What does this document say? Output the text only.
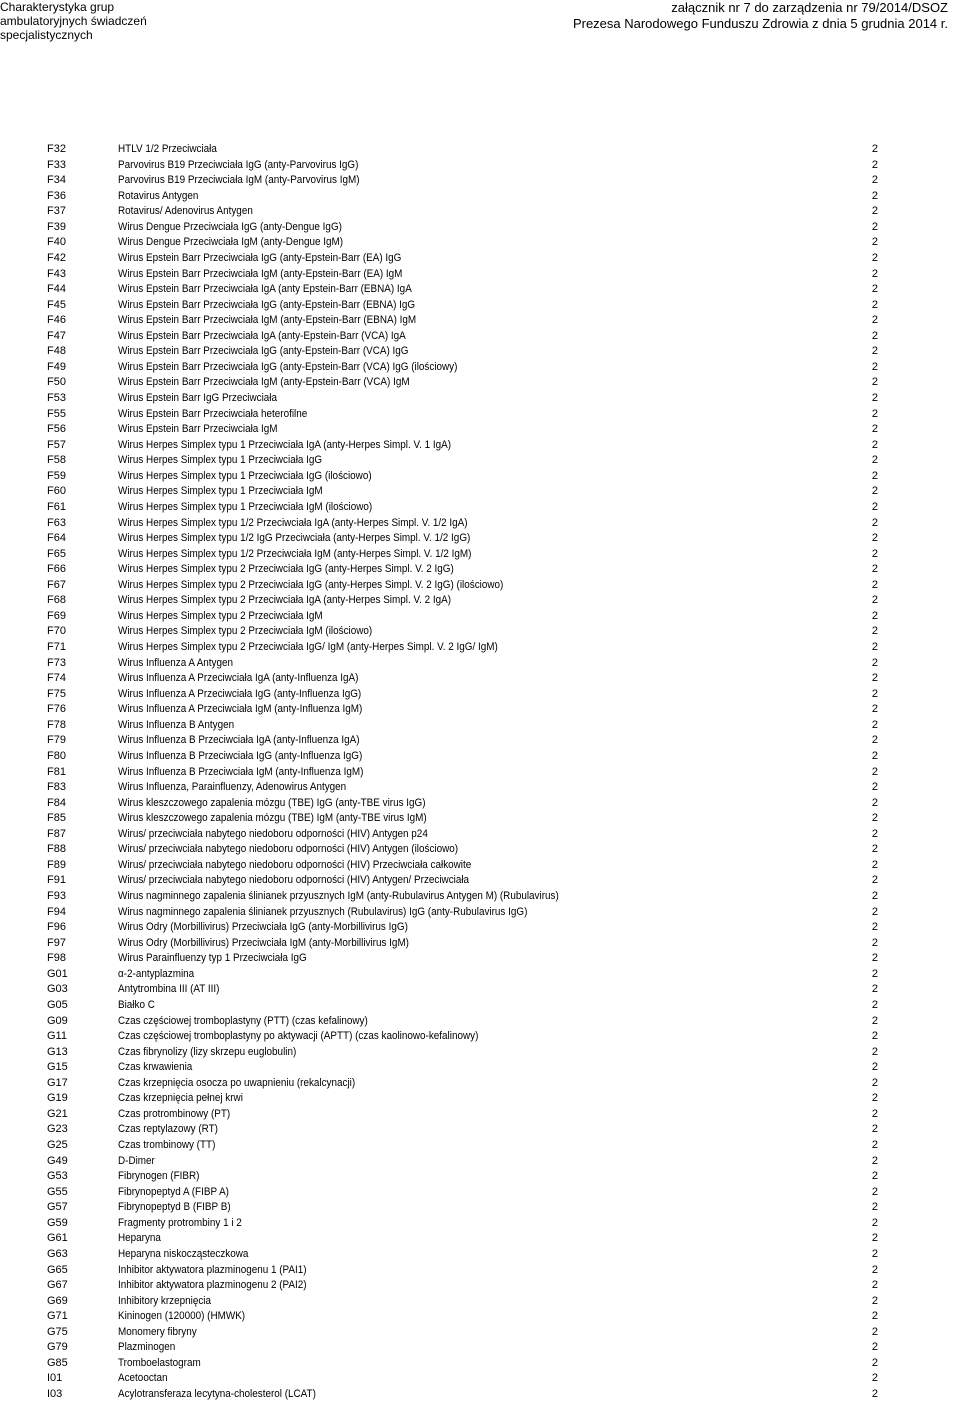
Charakterystyka grup
ambulatoryjnych świadczeń
specjalistycznych
załącznik nr 7 do zarządzenia nr 79/2014/DSOZ
Prezesa Narodowego Funduszu Zdrowia z dnia 5 grudnia 2014 r.
F32	HTLV 1/2 Przeciwciała	2
F33	Parvovirus B19 Przeciwciała IgG (anty-Parvovirus IgG)	2
F34	Parvovirus B19 Przeciwciała IgM (anty-Parvovirus IgM)	2
F36	Rotavirus Antygen	2
F37	Rotavirus/ Adenovirus Antygen	2
F39	Wirus Dengue Przeciwciała IgG (anty-Dengue IgG)	2
F40	Wirus Dengue Przeciwciała IgM (anty-Dengue IgM)	2
F42	Wirus Epstein Barr Przeciwciała IgG (anty-Epstein-Barr (EA) IgG	2
F43	Wirus Epstein Barr Przeciwciała IgM (anty-Epstein-Barr (EA) IgM	2
F44	Wirus Epstein Barr Przeciwciała IgA (anty Epstein-Barr (EBNA) IgA	2
F45	Wirus Epstein Barr Przeciwciała IgG (anty-Epstein-Barr (EBNA) IgG	2
F46	Wirus Epstein Barr Przeciwciała IgM (anty-Epstein-Barr (EBNA) IgM	2
F47	Wirus Epstein Barr Przeciwciała IgA (anty-Epstein-Barr (VCA) IgA	2
F48	Wirus Epstein Barr Przeciwciała IgG (anty-Epstein-Barr (VCA) IgG	2
F49	Wirus Epstein Barr Przeciwciała IgG (anty-Epstein-Barr (VCA) IgG (ilościowy)	2
F50	Wirus Epstein Barr Przeciwciała IgM (anty-Epstein-Barr (VCA) IgM	2
F53	Wirus Epstein Barr IgG Przeciwciała	2
F55	Wirus Epstein Barr Przeciwciała heterofilne	2
F56	Wirus Epstein Barr Przeciwciała IgM	2
F57	Wirus Herpes Simplex typu 1 Przeciwciała IgA (anty-Herpes Simpl. V. 1 IgA)	2
F58	Wirus Herpes Simplex typu 1 Przeciwciała IgG	2
F59	Wirus Herpes Simplex typu 1 Przeciwciała IgG (ilościowo)	2
F60	Wirus Herpes Simplex typu 1 Przeciwciała IgM	2
F61	Wirus Herpes Simplex typu 1 Przeciwciała IgM (ilościowo)	2
F63	Wirus Herpes Simplex typu 1/2 Przeciwciała IgA (anty-Herpes Simpl. V. 1/2 IgA)	2
F64	Wirus Herpes Simplex typu 1/2 IgG Przeciwciała (anty-Herpes Simpl. V. 1/2 IgG)	2
F65	Wirus Herpes Simplex typu 1/2 Przeciwciała IgM (anty-Herpes Simpl. V. 1/2 IgM)	2
F66	Wirus Herpes Simplex typu 2 Przeciwciała IgG (anty-Herpes Simpl. V. 2 IgG)	2
F67	Wirus Herpes Simplex typu 2 Przeciwciała IgG (anty-Herpes Simpl. V. 2 IgG) (ilościowo)	2
F68	Wirus Herpes Simplex typu 2 Przeciwciała IgA (anty-Herpes Simpl. V. 2 IgA)	2
F69	Wirus Herpes Simplex typu 2 Przeciwciała IgM	2
F70	Wirus Herpes Simplex typu 2 Przeciwciała IgM (ilościowo)	2
F71	Wirus Herpes Simplex typu 2 Przeciwciała IgG/ IgM (anty-Herpes Simpl. V. 2 IgG/ IgM)	2
F73	Wirus Influenza A Antygen	2
F74	Wirus Influenza A Przeciwciała IgA (anty-Influenza IgA)	2
F75	Wirus Influenza A Przeciwciała IgG (anty-Influenza IgG)	2
F76	Wirus Influenza A Przeciwciała IgM (anty-Influenza IgM)	2
F78	Wirus Influenza B Antygen	2
F79	Wirus Influenza B Przeciwciała IgA (anty-Influenza IgA)	2
F80	Wirus Influenza B Przeciwciała IgG (anty-Influenza IgG)	2
F81	Wirus Influenza B Przeciwciała IgM (anty-Influenza IgM)	2
F83	Wirus Influenza, Parainfluenzy, Adenowirus Antygen	2
F84	Wirus kleszczowego zapalenia mózgu (TBE) IgG (anty-TBE virus IgG)	2
F85	Wirus kleszczowego zapalenia mózgu (TBE) IgM (anty-TBE virus IgM)	2
F87	Wirus/ przeciwciała nabytego niedoboru odporności (HIV) Antygen p24	2
F88	Wirus/ przeciwciała nabytego niedoboru odporności (HIV) Antygen (ilościowo)	2
F89	Wirus/ przeciwciała nabytego niedoboru odporności (HIV) Przeciwciała całkowite	2
F91	Wirus/ przeciwciała nabytego niedoboru odporności (HIV) Antygen/ Przeciwciała	2
F93	Wirus nagminnego zapalenia ślinianek przyusznych IgM (anty-Rubulavirus Antygen M) (Rubulavirus)	2
F94	Wirus nagminnego zapalenia ślinianek przyusznych (Rubulavirus) IgG (anty-Rubulavirus IgG)	2
F96	Wirus Odry (Morbillivirus) Przeciwciała IgG (anty-Morbillivirus IgG)	2
F97	Wirus Odry (Morbillivirus) Przeciwciała IgM (anty-Morbillivirus IgM)	2
F98	Wirus Parainfluenzy typ 1 Przeciwciała IgG	2
G01	α-2-antyplazmina	2
G03	Antytrombina III (AT III)	2
G05	Białko C	2
G09	Czas częściowej tromboplastyny (PTT) (czas kefalinowy)	2
G11	Czas częściowej tromboplastyny po aktywacji (APTT) (czas kaolinowo-kefalinowy)	2
G13	Czas fibrynolizy (lizy skrzepu euglobulin)	2
G15	Czas krwawienia	2
G17	Czas krzepnięcia osocza po uwapnieniu (rekalcynacji)	2
G19	Czas krzepnięcia pełnej krwi	2
G21	Czas protrombinowy (PT)	2
G23	Czas reptylazowy (RT)	2
G25	Czas trombinowy (TT)	2
G49	D-Dimer	2
G53	Fibrynogen (FIBR)	2
G55	Fibrynopeptyd A (FIBP A)	2
G57	Fibrynopeptyd B (FIBP B)	2
G59	Fragmenty protrombiny 1 i 2	2
G61	Heparyna	2
G63	Heparyna niskocząsteczkowa	2
G65	Inhibitor aktywatora plazminogenu 1 (PAI1)	2
G67	Inhibitor aktywatora plazminogenu 2 (PAI2)	2
G69	Inhibitory krzepnięcia	2
G71	Kininogen (120000) (HMWK)	2
G75	Monomery fibryny	2
G79	Plazminogen	2
G85	Tromboelastogram	2
I01	Acetooctan	2
I03	Acylotransferaza lecytyna-cholesterol (LCAT)	2
